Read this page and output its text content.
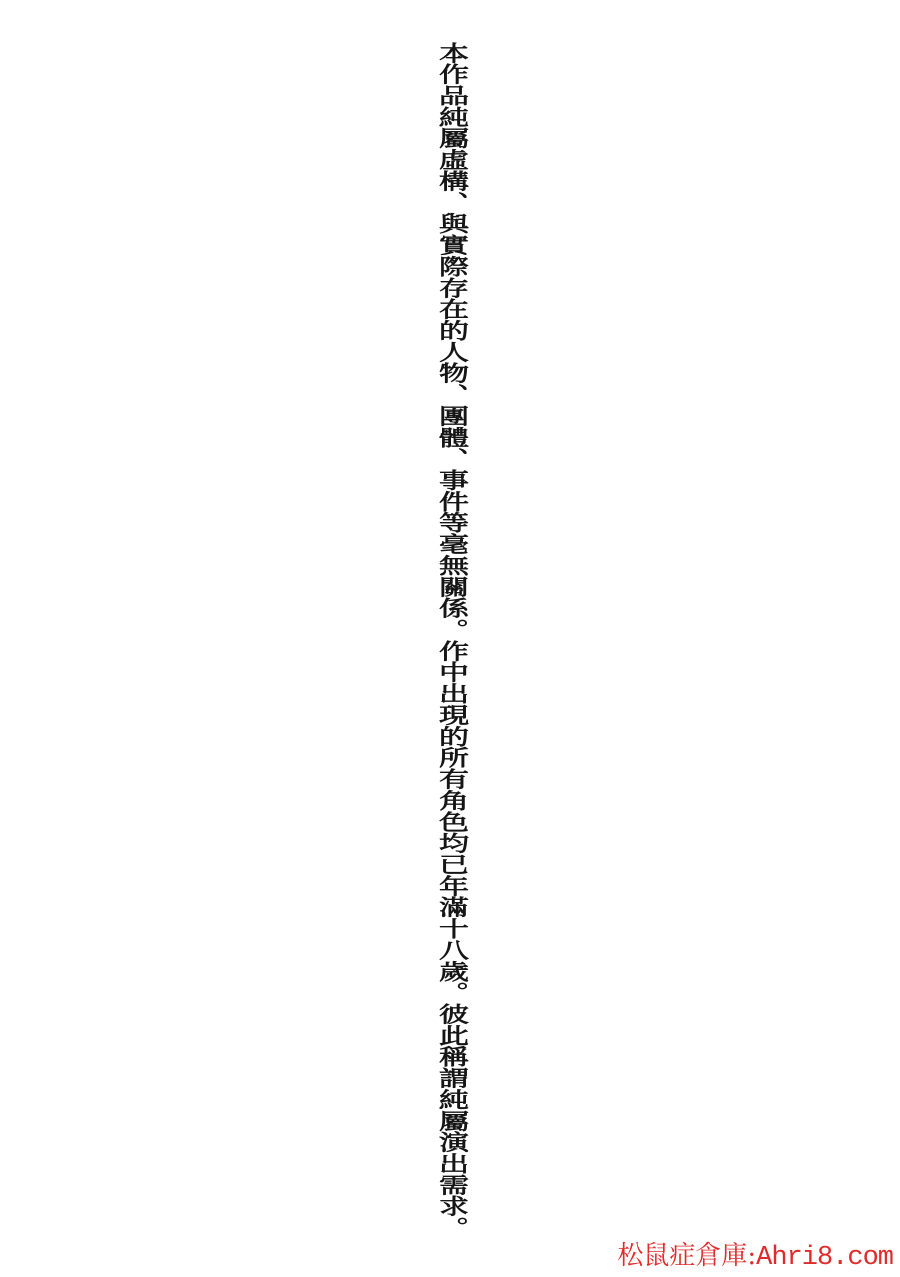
本作品純屬虛構、與實際存在的人物、團體、事件等毫無關係。作中出現的所有角色均已年滿十八歲。彼此稱謂純屬演出需求。
松鼠症倉庫:Ahri8.com
